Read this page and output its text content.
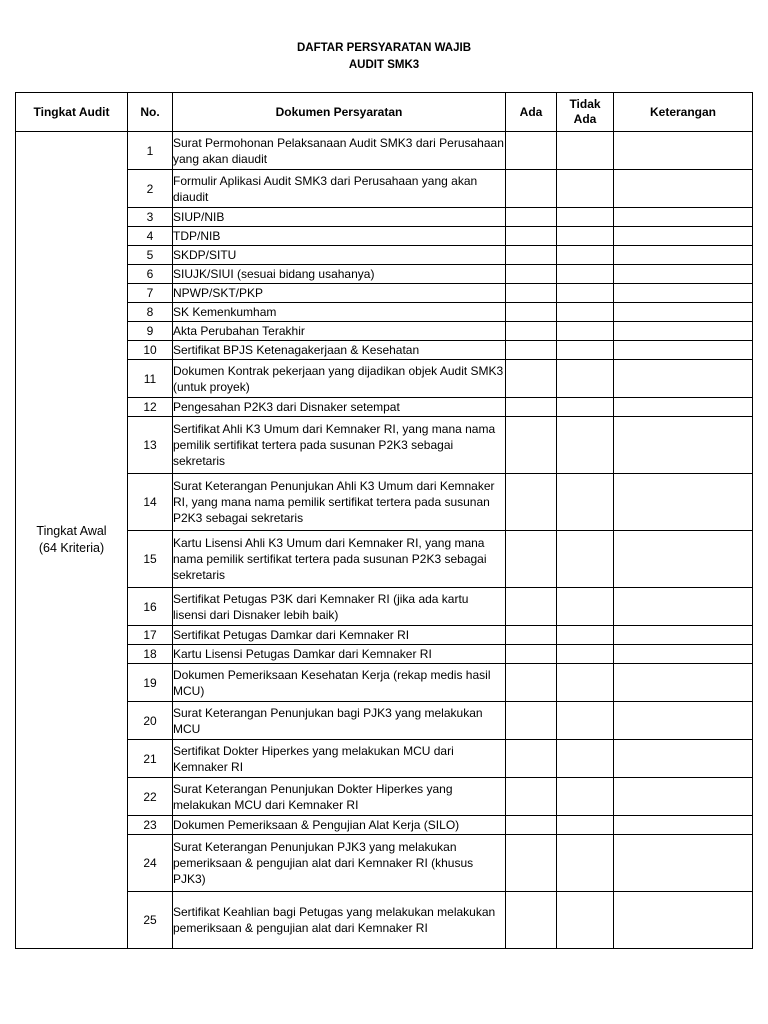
DAFTAR PERSYARATAN WAJIB
AUDIT SMK3
Tingkat Audit	No.	Dokumen Persyaratan	Ada	Tidak Ada	Keterangan

Tingkat Awal
(64 Kriteria)	1	Surat Permohonan Pelaksanaan Audit SMK3 dari Perusahaan yang akan diaudit			
	2	Formulir Aplikasi Audit SMK3 dari Perusahaan yang akan diaudit			
	3	SIUP/NIB			
	4	TDP/NIB			
	5	SKDP/SITU			
	6	SIUJK/SIUI (sesuai bidang usahanya)			
	7	NPWP/SKT/PKP			
	8	SK Kemenkumham			
	9	Akta Perubahan Terakhir			
	10	Sertifikat BPJS Ketenagakerjaan & Kesehatan			
	11	Dokumen Kontrak pekerjaan yang dijadikan objek Audit SMK3 (untuk proyek)			
	12	Pengesahan P2K3 dari Disnaker setempat			
	13	Sertifikat Ahli K3 Umum dari Kemnaker RI, yang mana nama pemilik sertifikat tertera pada susunan P2K3 sebagai sekretaris			
	14	Surat Keterangan Penunjukan Ahli K3 Umum dari Kemnaker RI, yang mana nama pemilik sertifikat tertera pada susunan P2K3 sebagai sekretaris			
	15	Kartu Lisensi Ahli K3 Umum dari Kemnaker RI, yang mana nama pemilik sertifikat tertera pada susunan P2K3 sebagai sekretaris			
	16	Sertifikat Petugas P3K dari Kemnaker RI (jika ada kartu lisensi dari Disnaker lebih baik)			
	17	Sertifikat Petugas Damkar dari Kemnaker RI			
	18	Kartu Lisensi Petugas Damkar dari Kemnaker RI			
	19	Dokumen Pemeriksaan Kesehatan Kerja (rekap medis hasil MCU)			
	20	Surat Keterangan Penunjukan bagi PJK3 yang melakukan MCU			
	21	Sertifikat Dokter Hiperkes yang melakukan MCU dari Kemnaker RI			
	22	Surat Keterangan Penunjukan Dokter Hiperkes yang melakukan MCU dari Kemnaker RI			
	23	Dokumen Pemeriksaan & Pengujian Alat Kerja (SILO)			
	24	Surat Keterangan Penunjukan PJK3 yang melakukan pemeriksaan & pengujian alat dari Kemnaker RI (khusus PJK3)			
	25	Sertifikat Keahlian bagi Petugas yang melakukan melakukan pemeriksaan & pengujian alat dari Kemnaker RI			
